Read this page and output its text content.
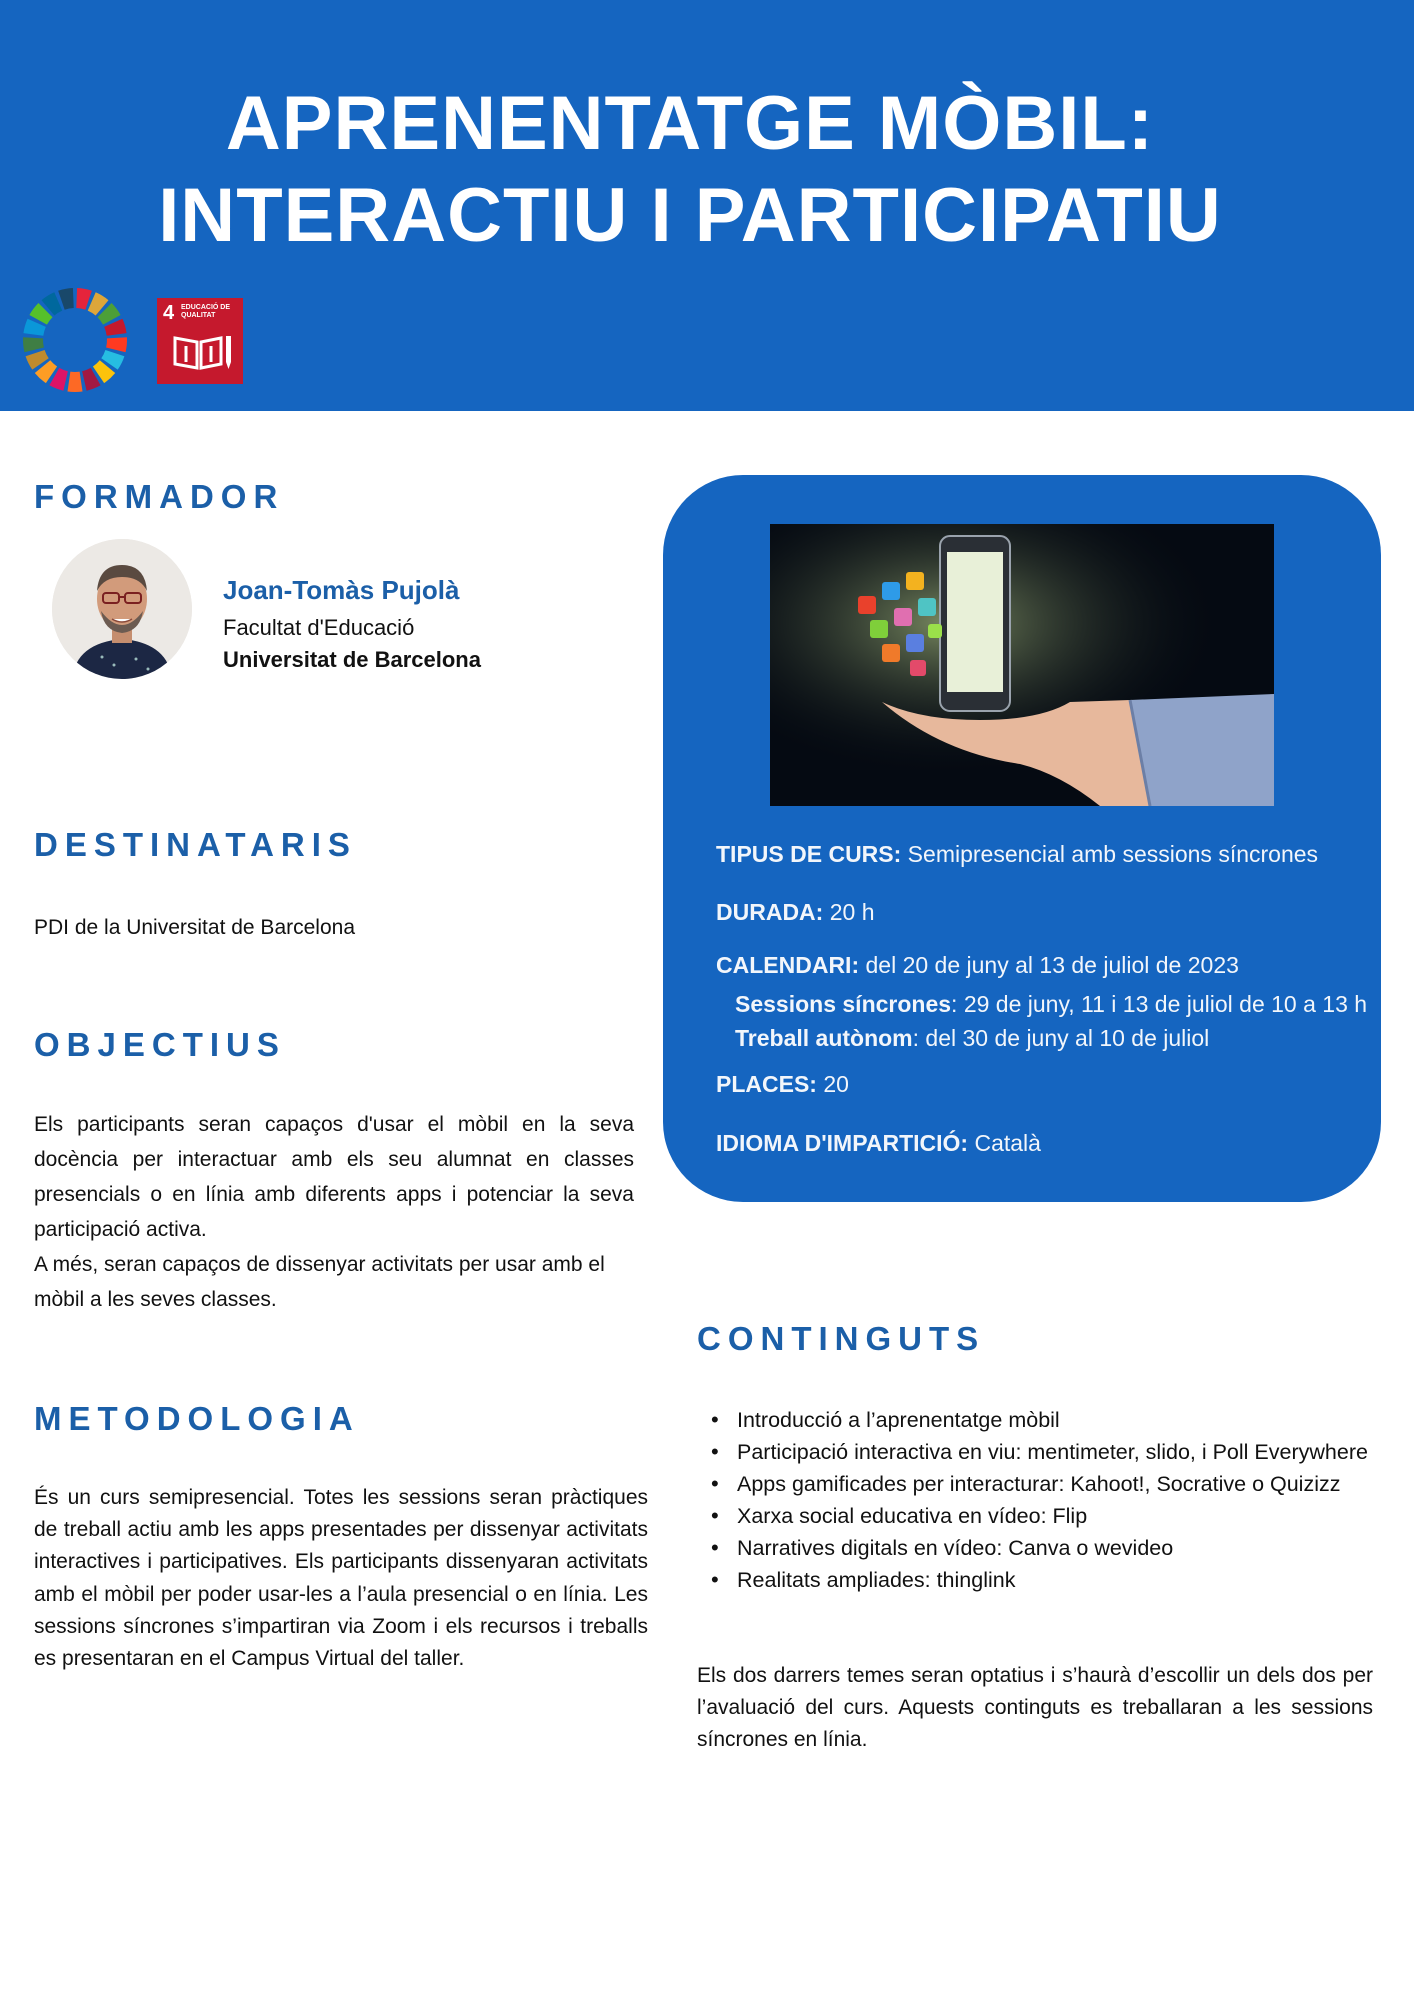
APRENENTATGE MÒBIL:
INTERACTIU I PARTICIPATIU
4 EDUCACIÓ DE QUALITAT
FORMADOR
Joan-Tomàs Pujolà
Facultat d'Educació
Universitat de Barcelona
DESTINATARIS
PDI de la Universitat de Barcelona
OBJECTIUS
Els participants seran capaços d'usar el mòbil en la seva docència per interactuar amb els seu alumnat en classes presencials o en línia amb diferents apps i potenciar la seva participació activa.
A més, seran capaços de dissenyar activitats per usar amb el mòbil a les seves classes.
METODOLOGIA
És un curs semipresencial. Totes les sessions seran pràctiques de treball actiu amb les apps presentades per dissenyar activitats interactives i participatives. Els participants dissenyaran activitats amb el mòbil per poder usar-les a l’aula presencial o en línia. Les sessions síncrones s’impartiran via Zoom i els recursos i treballs es presentaran en el Campus Virtual del taller.
TIPUS DE CURS: Semipresencial amb sessions síncrones
DURADA: 20 h
CALENDARI: del 20 de juny al 13 de juliol de 2023
Sessions síncrones: 29 de juny, 11 i 13 de juliol de 10 a 13 h
Treball autònom: del 30 de juny al 10 de juliol
PLACES: 20
IDIOMA D'IMPARTICIÓ: Català
CONTINGUTS
• Introducció a l’aprenentatge mòbil
• Participació interactiva en viu: mentimeter, slido, i Poll Everywhere
• Apps gamificades per interacturar: Kahoot!, Socrative o Quizizz
• Xarxa social educativa en vídeo: Flip
• Narratives digitals en vídeo: Canva o wevideo
• Realitats ampliades: thinglink
Els dos darrers temes seran optatius i s’haurà d’escollir un dels dos per l’avaluació del curs. Aquests continguts es treballaran a les sessions síncrones en línia.
